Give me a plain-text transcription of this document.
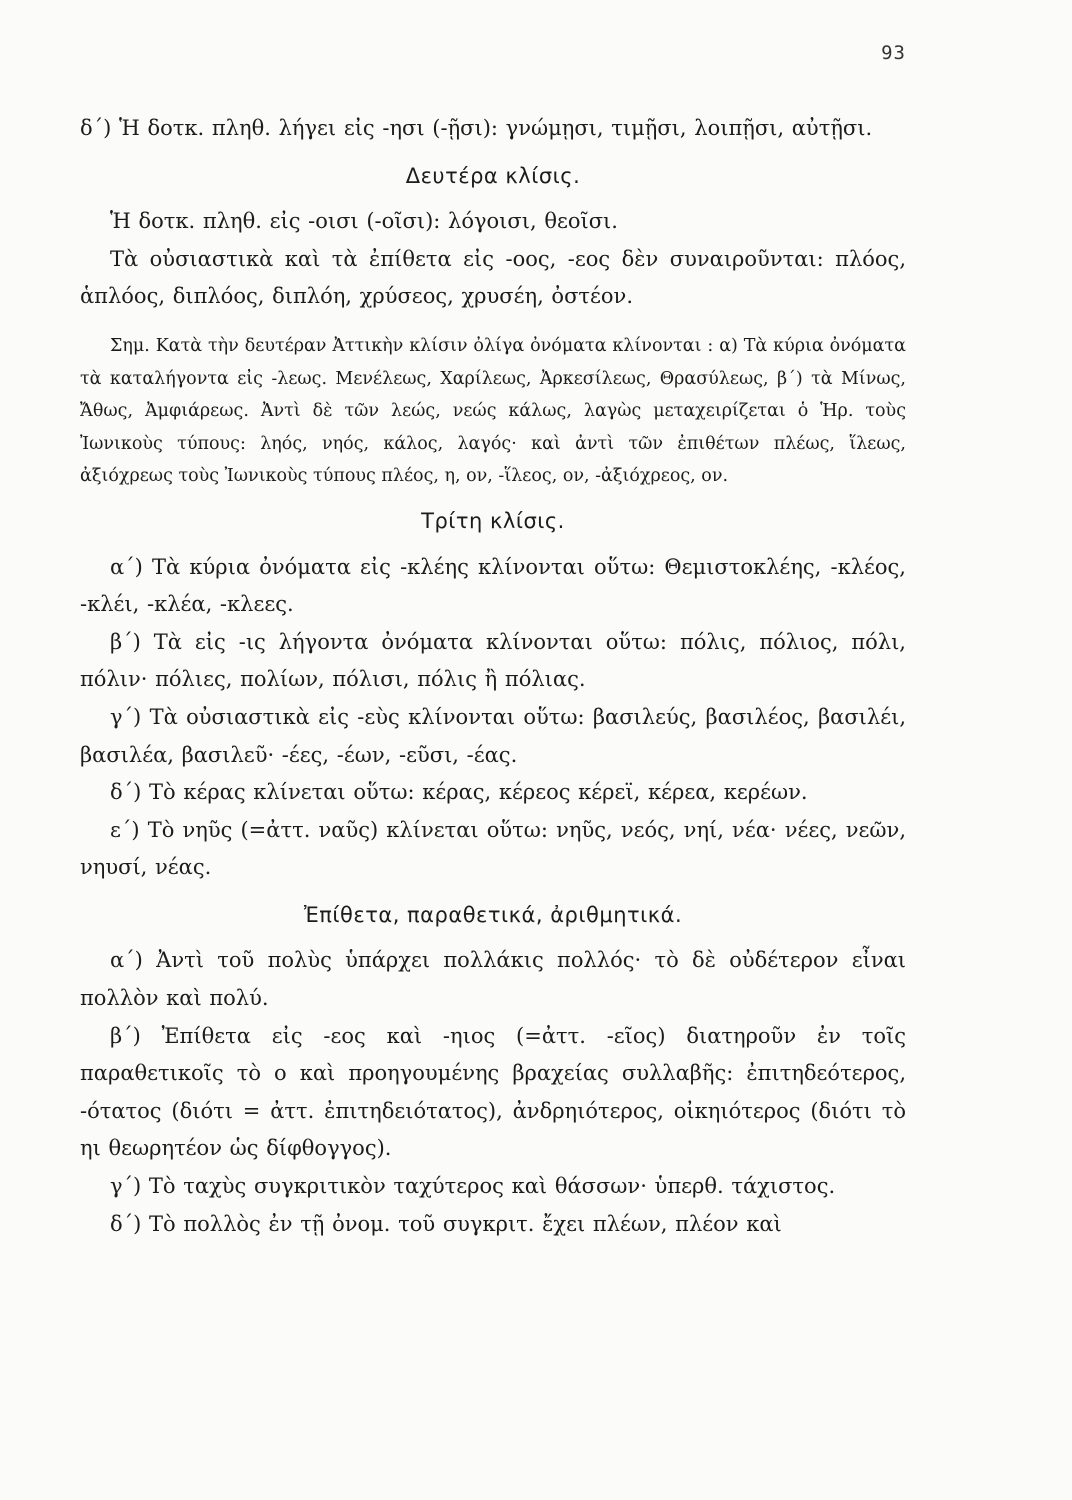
93

δ΄) Ἡ δοτκ. πληθ. λήγει εἰς -ησι (-ῇσι): γνώμῃσι, τιμῇσι, λοιπῇσι, αὐτῇσι.

Δευτέρα κλίσις.

Ἡ δοτκ. πληθ. εἰς -οισι (-οῖσι): λόγοισι, θεοῖσι.

Τὰ οὐσιαστικὰ καὶ τὰ ἐπίθετα εἰς -οος, -εος δὲν συναιροῦνται: πλόος, ἁπλόος, διπλόος, διπλόη, χρύσεος, χρυσέη, ὀστέον.

Σημ. Κατὰ τὴν δευτέραν Ἀττικὴν κλίσιν ὀλίγα ὀνόματα κλίνονται : α) Τὰ κύρια ὀνόματα τὰ καταλήγοντα εἰς -λεως. Μενέλεως, Χαρίλεως, Ἀρκεσίλεως, Θρασύλεως, β΄) τὰ Μίνως, Ἄθως, Ἀμφιάρεως. Ἀντὶ δὲ τῶν λεώς, νεώς κάλως, λαγὼς μεταχειρίζεται ὁ Ἡρ. τοὺς Ἰωνικοὺς τύπους: ληός, νηός, κάλος, λαγός· καὶ ἀντὶ τῶν ἐπιθέτων πλέως, ἵλεως, ἀξιόχρεως τοὺς Ἰωνικοὺς τύπους πλέος, η, ον, -ἵλεος, ον, -ἀξιόχρεος, ον.

Τρίτη κλίσις.

α΄) Τὰ κύρια ὀνόματα εἰς -κλέης κλίνονται οὕτω: Θεμιστοκλέης, -κλέος, -κλέι, -κλέα, -κλεες.

β΄) Τὰ εἰς -ις λήγοντα ὀνόματα κλίνονται οὕτω: πόλις, πόλιος, πόλι, πόλιν· πόλιες, πολίων, πόλισι, πόλις ἢ πόλιας.

γ΄) Τὰ οὐσιαστικὰ εἰς -εὺς κλίνονται οὕτω: βασιλεύς, βασιλέος, βασιλέι, βασιλέα, βασιλεῦ· -έες, -έων, -εῦσι, -έας.

δ΄) Τὸ κέρας κλίνεται οὕτω: κέρας, κέρεος κέρεϊ, κέρεα, κερέων.

ε΄) Τὸ νηῦς (=ἀττ. ναῦς) κλίνεται οὕτω: νηῦς, νεός, νηί, νέα· νέες, νεῶν, νηυσί, νέας.

Ἐπίθετα, παραθετικά, ἀριθμητικά.

α΄) Ἀντὶ τοῦ πολὺς ὑπάρχει πολλάκις πολλός· τὸ δὲ οὐδέτερον εἶναι πολλὸν καὶ πολύ.

β΄) Ἐπίθετα εἰς -εος καὶ -ηιος (=ἀττ. -εῖος) διατηροῦν ἐν τοῖς παραθετικοῖς τὸ ο καὶ προηγουμένης βραχείας συλλαβῆς: ἐπιτηδεότερος, -ότατος (διότι = ἀττ. ἐπιτηδειότατος), ἀνδρηιότερος, οἰκηιότερος (διότι τὸ ηι θεωρητέον ὡς δίφθογγος).

γ΄) Τὸ ταχὺς συγκριτικὸν ταχύτερος καὶ θάσσων· ὑπερθ. τάχιστος.

δ΄) Τὸ πολλὸς ἐν τῇ ὀνομ. τοῦ συγκριτ. ἔχει πλέων, πλέον καὶ
